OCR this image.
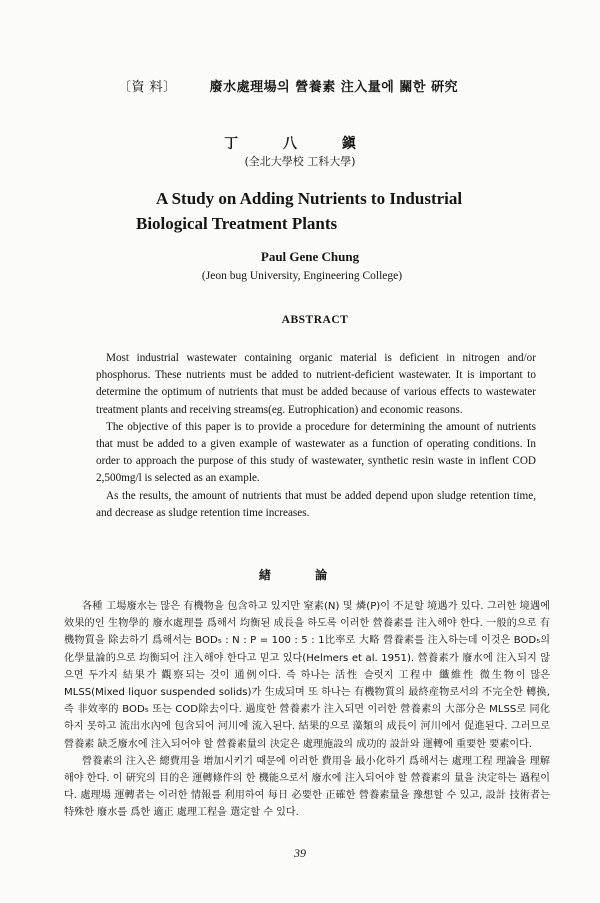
〔資 料〕	廢水處理場의 營養素 注入量에 關한 硏究
丁 八 鎭
(全北大學校 工科大學)
A Study on Adding Nutrients to Industrial
Biological Treatment Plants
Paul Gene Chung
(Jeon bug University, Engineering College)
ABSTRACT

Most industrial wastewater containing organic material is deficient in nitrogen and/or phosphorus. These nutrients must be added to nutrient-deficient wastewater. It is important to determine the optimum of nutrients that must be added because of various effects to wastewater treatment plants and receiving streams(eg. Eutrophication) and economic reasons.

The objective of this paper is to provide a procedure for determining the amount of nutrients that must be added to a given example of wastewater as a function of operating conditions. In order to approach the purpose of this study of wastewater, synthetic resin waste in inflent COD 2,500mg/l is selected as an example.

As the results, the amount of nutrients that must be added depend upon sludge retention time, and decrease as sludge retention time increases.

緖 論

各種 工場廢水는 많은 有機物을 包含하고 있지만 窒素(N) 및 燐(P)이 不足할 境遇가 있다. 그러한 境遇에 效果的인 生物學的 廢水處理를 爲해서 均衡된 成長을 하도록 이러한 營養素를 注入해야 한다. 一般的으로 有機物質을 除去하기 爲해서는 BOD₅ : N : P = 100 : 5 : 1比率로 大略 營養素를 注入하는데 이것은 BOD₅의 化學量論的으로 均衡되어 注入해야 한다고 믿고 있다(Helmers et al. 1951). 營養素가 廢水에 注入되지 않으면 두가지 結果가 觀察되는 것이 通例이다. 즉 하나는 活性 슬럿지 工程中 纖維性 微生物이 많은 MLSS(Mixed liquor suspended solids)가 生成되며 또 하나는 有機物質의 最終産物로서의 不完全한 轉換, 즉 非效率的 BOD₅ 또는 COD除去이다. 過度한 營養素가 注入되면 이러한 營養素의 大部分은 MLSS로 同化하지 못하고 流出水內에 包含되어 河川에 流入된다. 結果的으로 藻類의 成長이 河川에서 促進된다. 그러므로 營養素 缺乏廢水에 注入되어야 할 營養素量의 決定은 處理施設의 成功的 設計와 運轉에 重要한 要素이다.

營養素의 注入은 總費用을 增加시키기 때문에 이러한 費用을 最小化하기 爲해서는 處理工程 理論을 理解해야 한다. 이 硏究의 目的은 運轉條件의 한 機能으로서 廢水에 注入되어야 할 營養素의 量을 決定하는 過程이다. 處理場 運轉者는 이러한 情報를 利用하여 每日 必要한 正確한 營養素量을 豫想할 수 있고, 設計 技術者는 特殊한 廢水를 爲한 適正 處理工程을 選定할 수 있다.

39
